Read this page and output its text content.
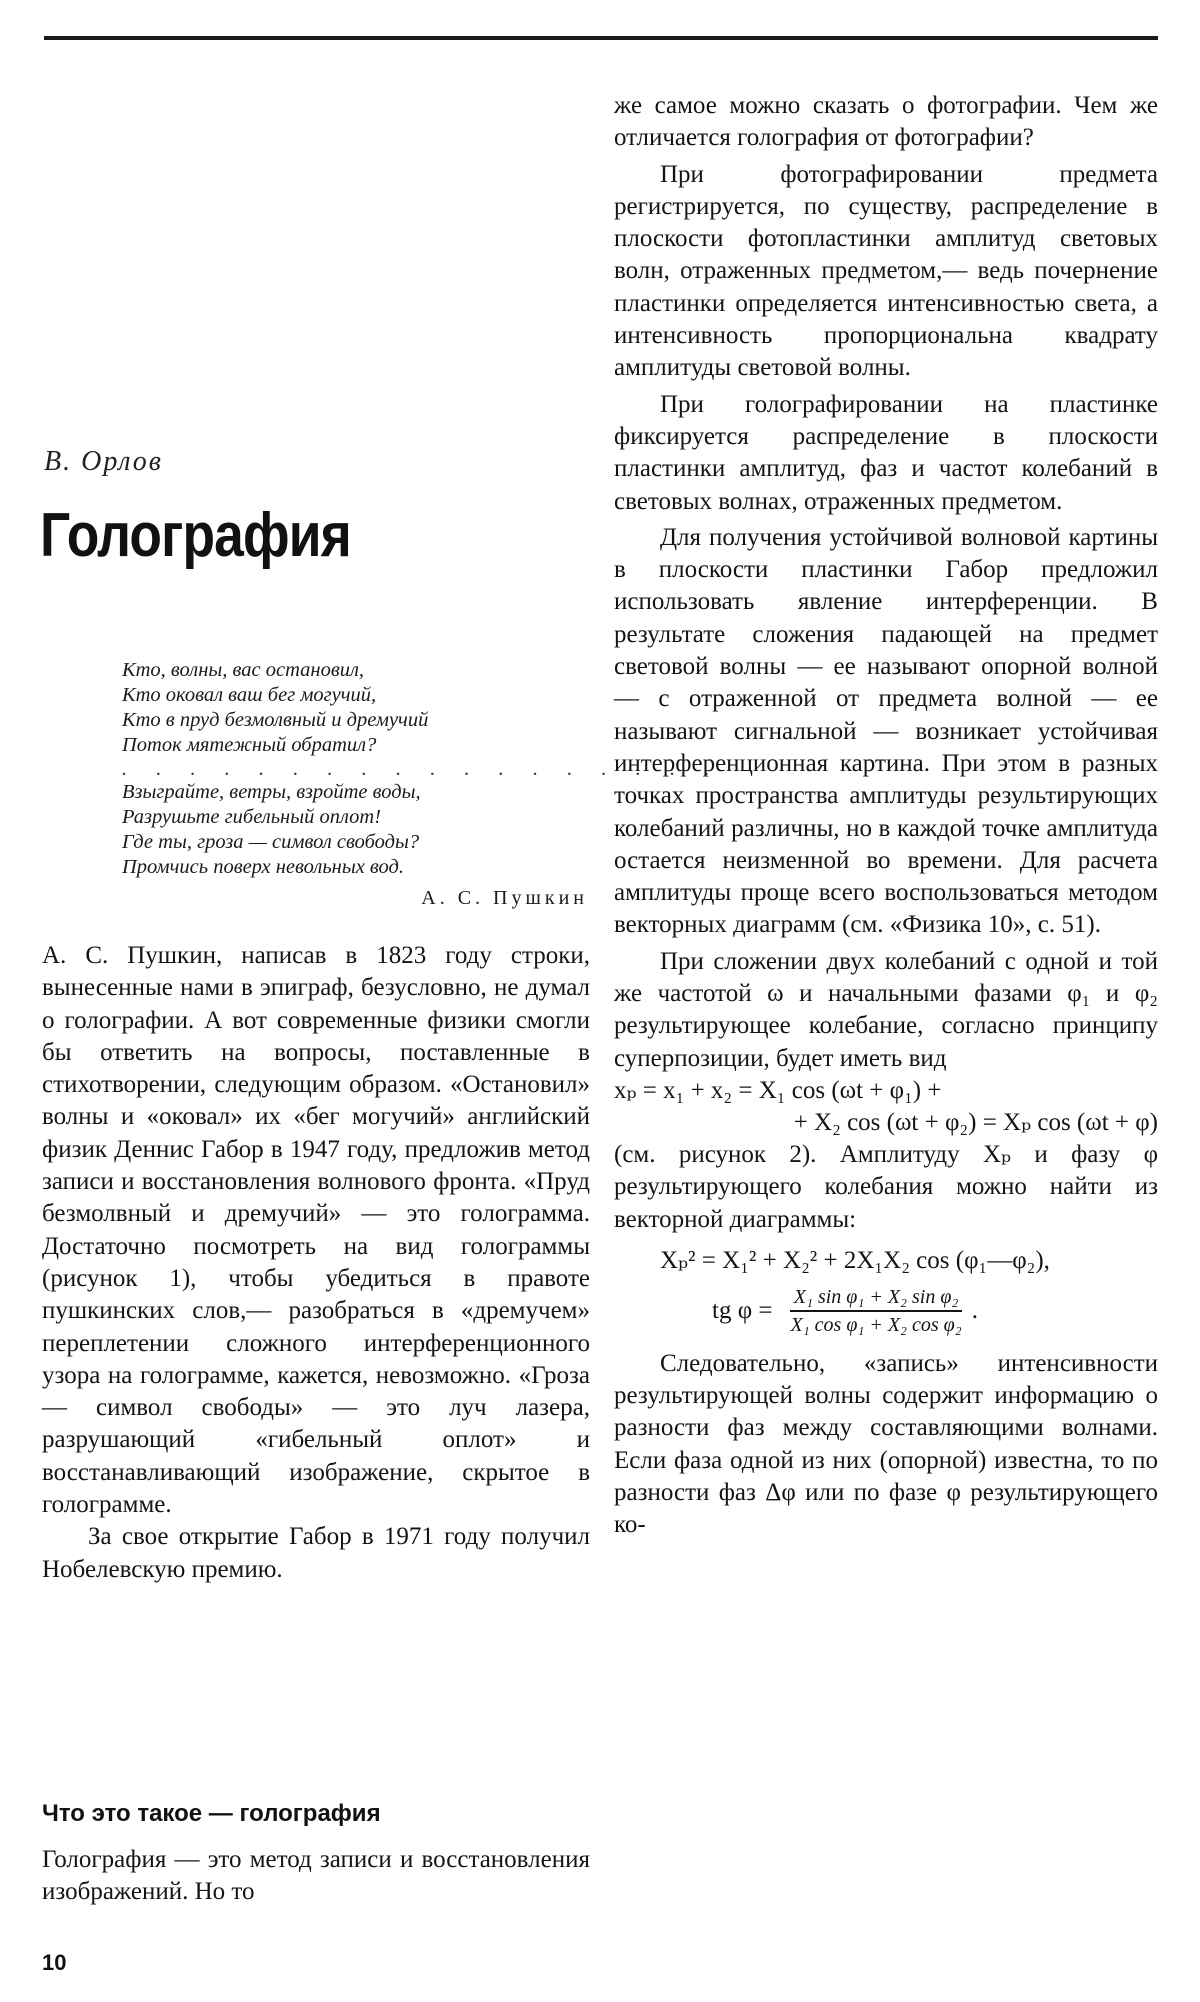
В. Орлов
Голография
Кто, волны, вас остановил,
Кто оковал ваш бег могучий,
Кто в пруд безмолвный и дремучий
Поток мятежный обратил?
. . . . . . . . . . . . . . . . . .
Взыграйте, ветры, взройте воды,
Разрушьте гибельный оплот!
Где ты, гроза — символ свободы?
Промчись поверх невольных вод.
А. С. Пушкин

А. С. Пушкин, написав в 1823 году строки, вынесенные нами в эпиграф, безусловно, не думал о голографии. А вот современные физики смогли бы ответить на вопросы, поставленные в стихотворении, следующим образом. «Остановил» волны и «оковал» их «бег могучий» английский физик Деннис Габор в 1947 году, предложив метод записи и восстановления волнового фронта. «Пруд безмолвный и дремучий» — это голограмма. Достаточно посмотреть на вид голограммы (рисунок 1), чтобы убедиться в правоте пушкинских слов,— разобраться в «дремучем» переплетении сложного интерференционного узора на голограмме, кажется, невозможно. «Гроза — символ свободы» — это луч лазера, разрушающий «гибельный оплот» и восстанавливающий изображение, скрытое в голограмме.

За свое открытие Габор в 1971 году получил Нобелевскую премию.

Что это такое — голография

Голография — это метод записи и восстановления изображений. Но то

10

же самое можно сказать о фотографии. Чем же отличается голография от фотографии?

При фотографировании предмета регистрируется, по существу, распределение в плоскости фотопластинки амплитуд световых волн, отраженных предметом,— ведь почернение пластинки определяется интенсивностью света, а интенсивность пропорциональна квадрату амплитуды световой волны.

При голографировании на пластинке фиксируется распределение в плоскости пластинки амплитуд, фаз и частот колебаний в световых волнах, отраженных предметом.

Для получения устойчивой волновой картины в плоскости пластинки Габор предложил использовать явление интерференции. В результате сложения падающей на предмет световой волны — ее называют опорной волной — с отраженной от предмета волной — ее называют сигнальной — возникает устойчивая интерференционная картина. При этом в разных точках пространства амплитуды результирующих колебаний различны, но в каждой точке амплитуда остается неизменной во времени. Для расчета амплитуды проще всего воспользоваться методом векторных диаграмм (см. «Физика 10», с. 51).

При сложении двух колебаний с одной и той же частотой ω и начальными фазами φ₁ и φ₂ результирующее колебание, согласно принципу суперпозиции, будет иметь вид

xₚ = x₁ + x₂ = X₁ cos (ωt + φ₁) +
+ X₂ cos (ωt + φ₂) = Xₚ cos (ωt + φ)

(см. рисунок 2). Амплитуду Xₚ и фазу φ результирующего колебания можно найти из векторной диаграммы:

Xₚ² = X₁² + X₂² + 2X₁X₂ cos (φ₁—φ₂),
tg $\varphi = \frac{\text{X₁ sin φ₁ + X₂ sin φ₂}}{\text{X₁ cos φ₁ + X₂ cos φ₂}}$ .

Следовательно, «запись» интенсивности результирующей волны содержит информацию о разности фаз между составляющими волнами. Если фаза одной из них (опорной) известна, то по разности фаз Δφ или по фазе φ результирующего ко-
